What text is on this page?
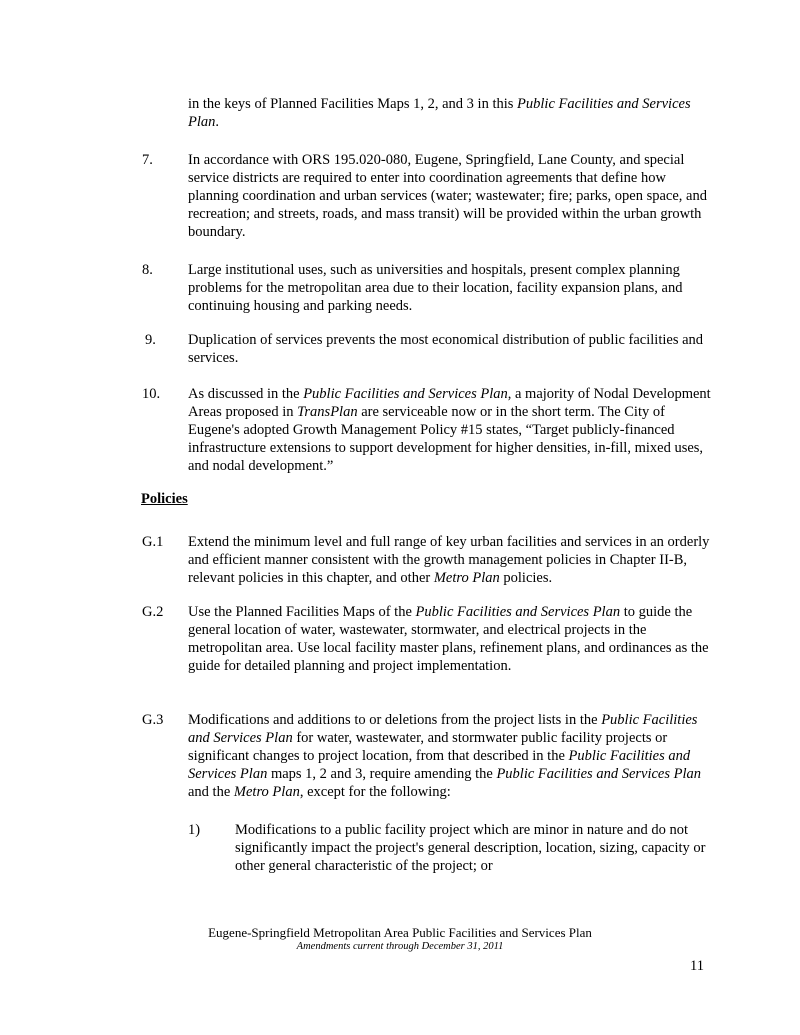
in the keys of Planned Facilities Maps 1, 2, and 3 in this Public Facilities and Services Plan.
7. In accordance with ORS 195.020-080, Eugene, Springfield, Lane County, and special service districts are required to enter into coordination agreements that define how planning coordination and urban services (water; wastewater; fire; parks, open space, and recreation; and streets, roads, and mass transit) will be provided within the urban growth boundary.
8. Large institutional uses, such as universities and hospitals, present complex planning problems for the metropolitan area due to their location, facility expansion plans, and continuing housing and parking needs.
9. Duplication of services prevents the most economical distribution of public facilities and services.
10. As discussed in the Public Facilities and Services Plan, a majority of Nodal Development Areas proposed in TransPlan are serviceable now or in the short term. The City of Eugene's adopted Growth Management Policy #15 states, “Target publicly-financed infrastructure extensions to support development for higher densities, in-fill, mixed uses, and nodal development.”
Policies
G.1 Extend the minimum level and full range of key urban facilities and services in an orderly and efficient manner consistent with the growth management policies in Chapter II-B, relevant policies in this chapter, and other Metro Plan policies.
G.2 Use the Planned Facilities Maps of the Public Facilities and Services Plan to guide the general location of water, wastewater, stormwater, and electrical projects in the metropolitan area. Use local facility master plans, refinement plans, and ordinances as the guide for detailed planning and project implementation.
G.3 Modifications and additions to or deletions from the project lists in the Public Facilities and Services Plan for water, wastewater, and stormwater public facility projects or significant changes to project location, from that described in the Public Facilities and Services Plan maps 1, 2 and 3, require amending the Public Facilities and Services Plan and the Metro Plan, except for the following:
1) Modifications to a public facility project which are minor in nature and do not significantly impact the project's general description, location, sizing, capacity or other general characteristic of the project; or
Eugene-Springfield Metropolitan Area Public Facilities and Services Plan
Amendments current through December 31, 2011
11
